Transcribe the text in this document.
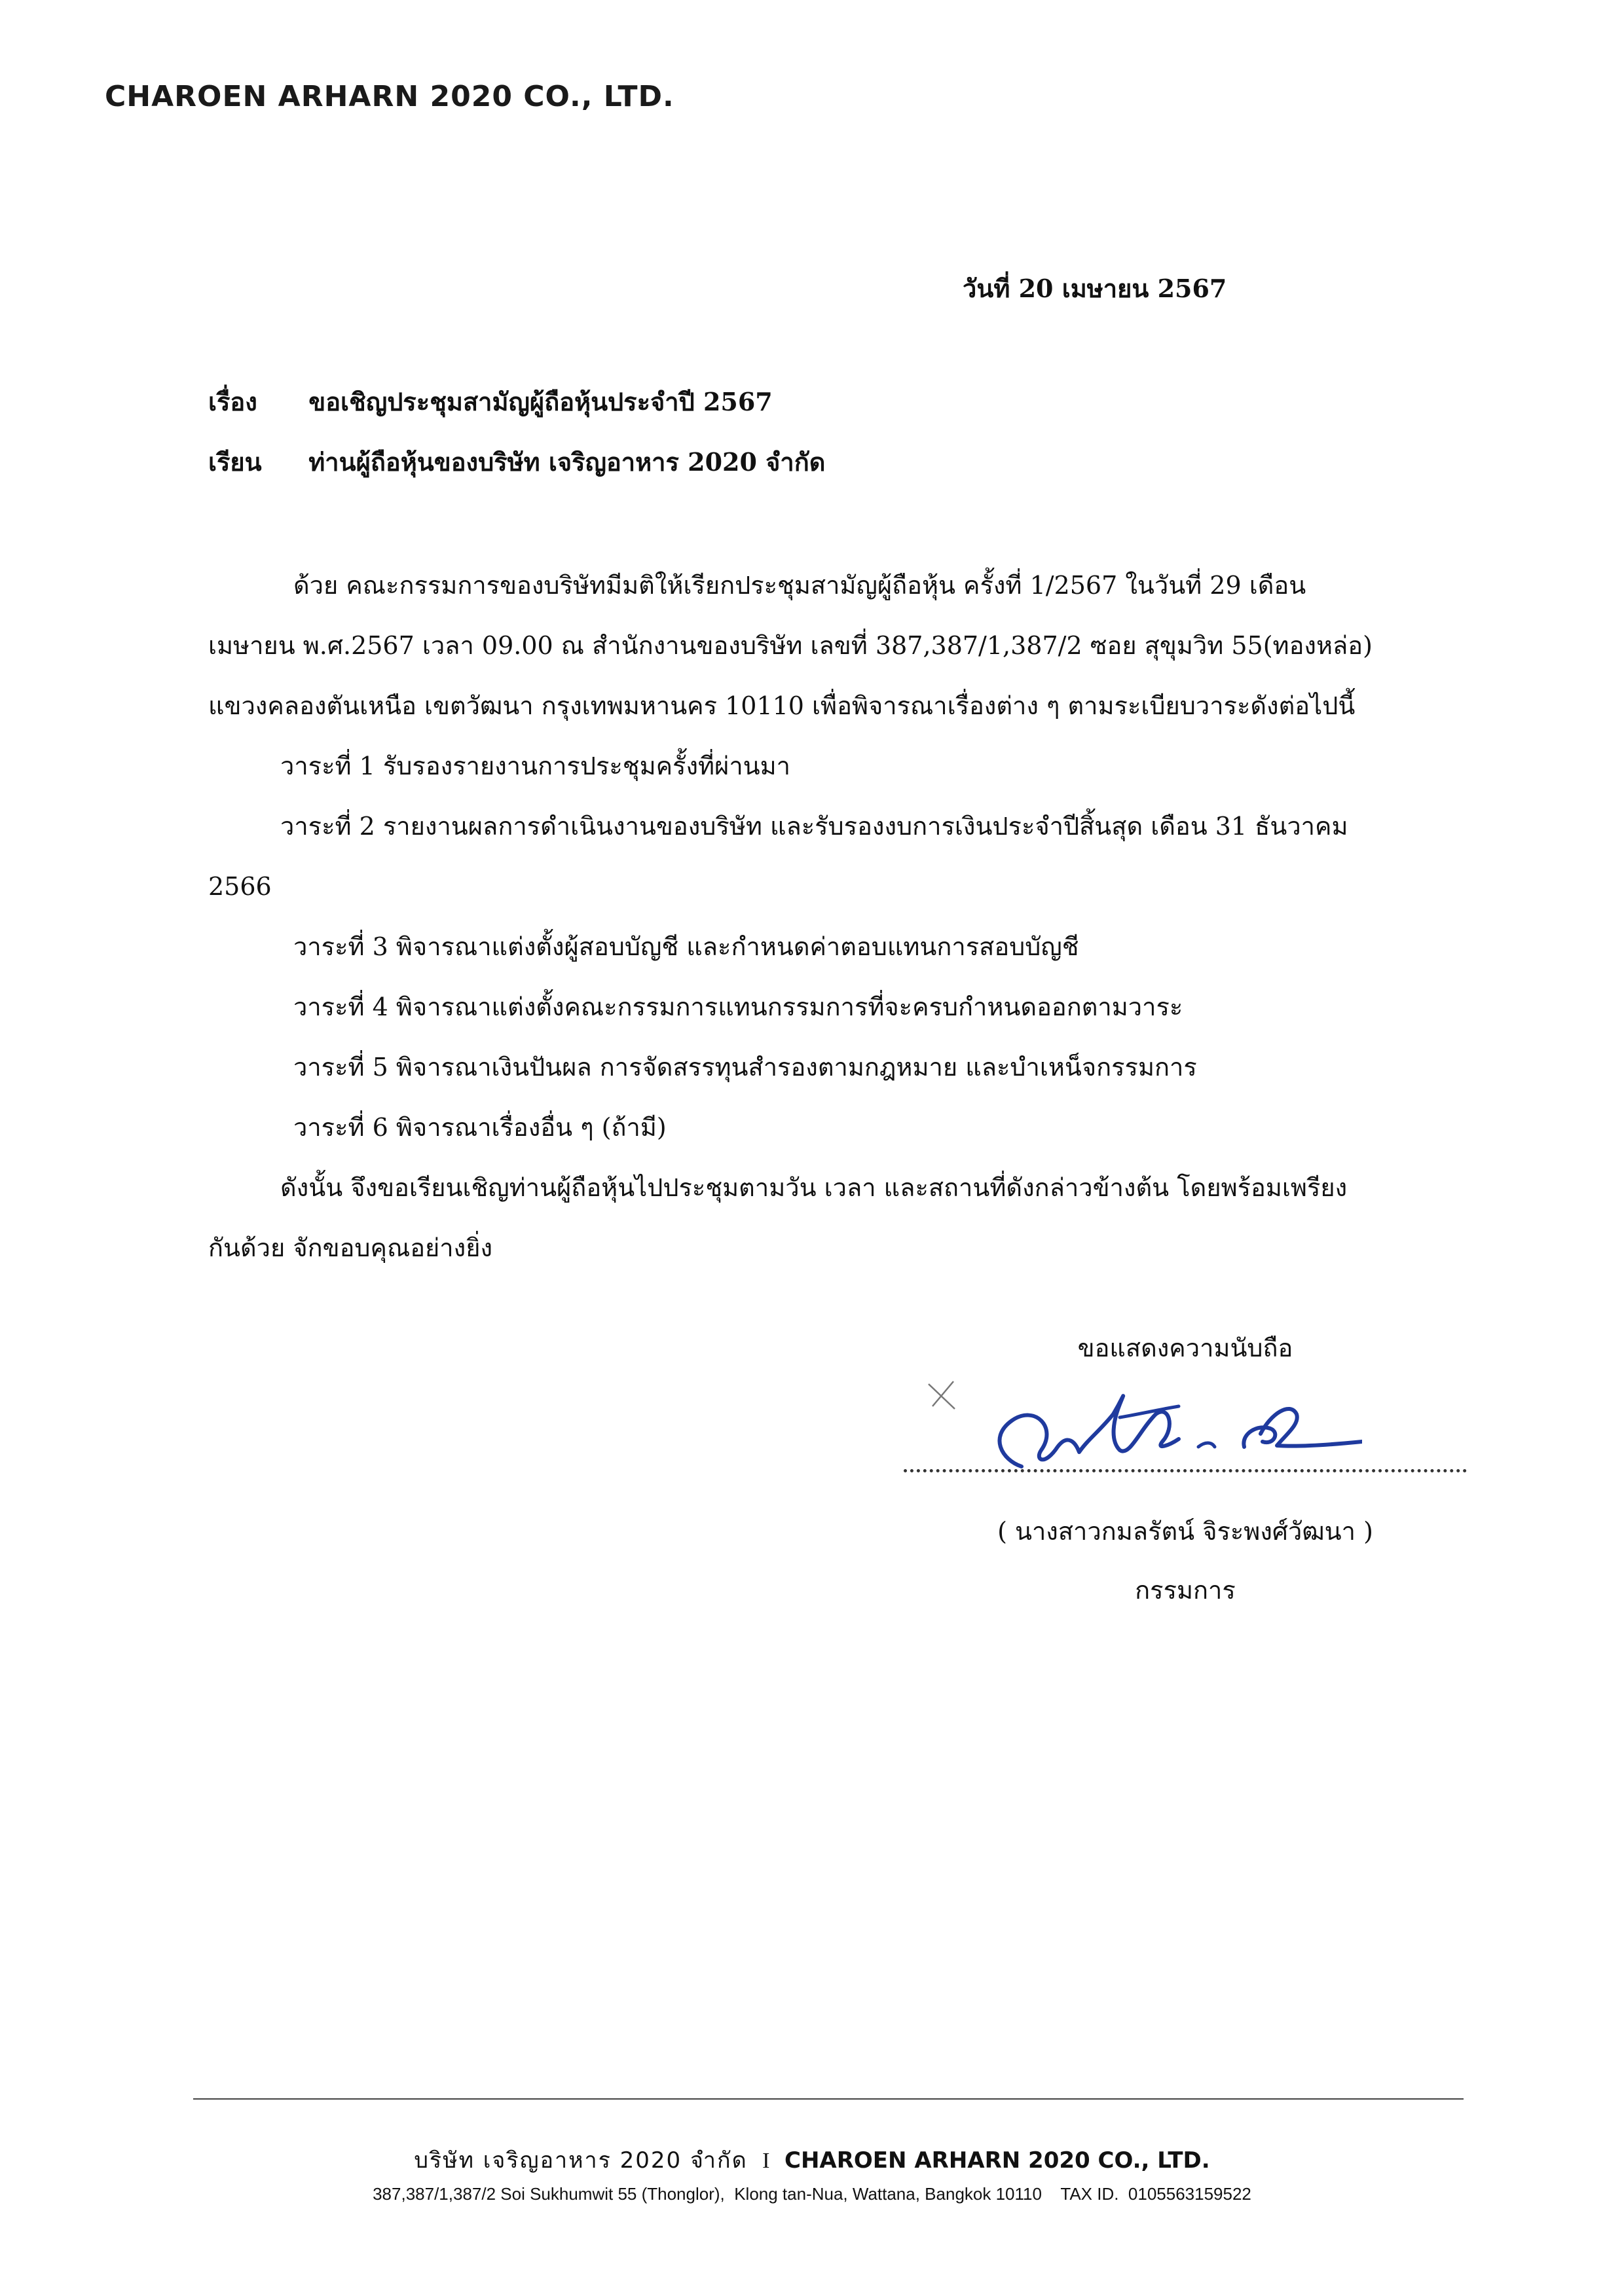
CHAROEN ARHARN 2020 CO., LTD.
วันที่ 20 เมษายน 2567
เรื่อง ขอเชิญประชุมสามัญผู้ถือหุ้นประจำปี 2567
เรียน ท่านผู้ถือหุ้นของบริษัท เจริญอาหาร 2020 จำกัด
ด้วย คณะกรรมการของบริษัทมีมติให้เรียกประชุมสามัญผู้ถือหุ้น ครั้งที่ 1/2567 ในวันที่ 29 เดือน
เมษายน พ.ศ.2567 เวลา 09.00 ณ สำนักงานของบริษัท เลขที่ 387,387/1,387/2 ซอย สุขุมวิท 55(ทองหล่อ)
แขวงคลองตันเหนือ เขตวัฒนา กรุงเทพมหานคร 10110 เพื่อพิจารณาเรื่องต่าง ๆ ตามระเบียบวาระดังต่อไปนี้
วาระที่ 1 รับรองรายงานการประชุมครั้งที่ผ่านมา
วาระที่ 2 รายงานผลการดำเนินงานของบริษัท และรับรองงบการเงินประจำปีสิ้นสุด เดือน 31 ธันวาคม
2566
วาระที่ 3 พิจารณาแต่งตั้งผู้สอบบัญชี และกำหนดค่าตอบแทนการสอบบัญชี
วาระที่ 4 พิจารณาแต่งตั้งคณะกรรมการแทนกรรมการที่จะครบกำหนดออกตามวาระ
วาระที่ 5 พิจารณาเงินปันผล การจัดสรรทุนสำรองตามกฎหมาย และบำเหน็จกรรมการ
วาระที่ 6 พิจารณาเรื่องอื่น ๆ (ถ้ามี)
ดังนั้น จึงขอเรียนเชิญท่านผู้ถือหุ้นไปประชุมตามวัน เวลา และสถานที่ดังกล่าวข้างต้น โดยพร้อมเพรียง
กันด้วย จักขอบคุณอย่างยิ่ง
ขอแสดงความนับถือ
( นางสาวกมลรัตน์ จิระพงศ์วัฒนา )
กรรมการ
บริษัท เจริญอาหาร 2020 จำกัด I CHAROEN ARHARN 2020 CO., LTD.
387,387/1,387/2 Soi Sukhumwit 55 (Thonglor),  Klong tan-Nua, Wattana, Bangkok 10110    TAX ID.  0105563159522
